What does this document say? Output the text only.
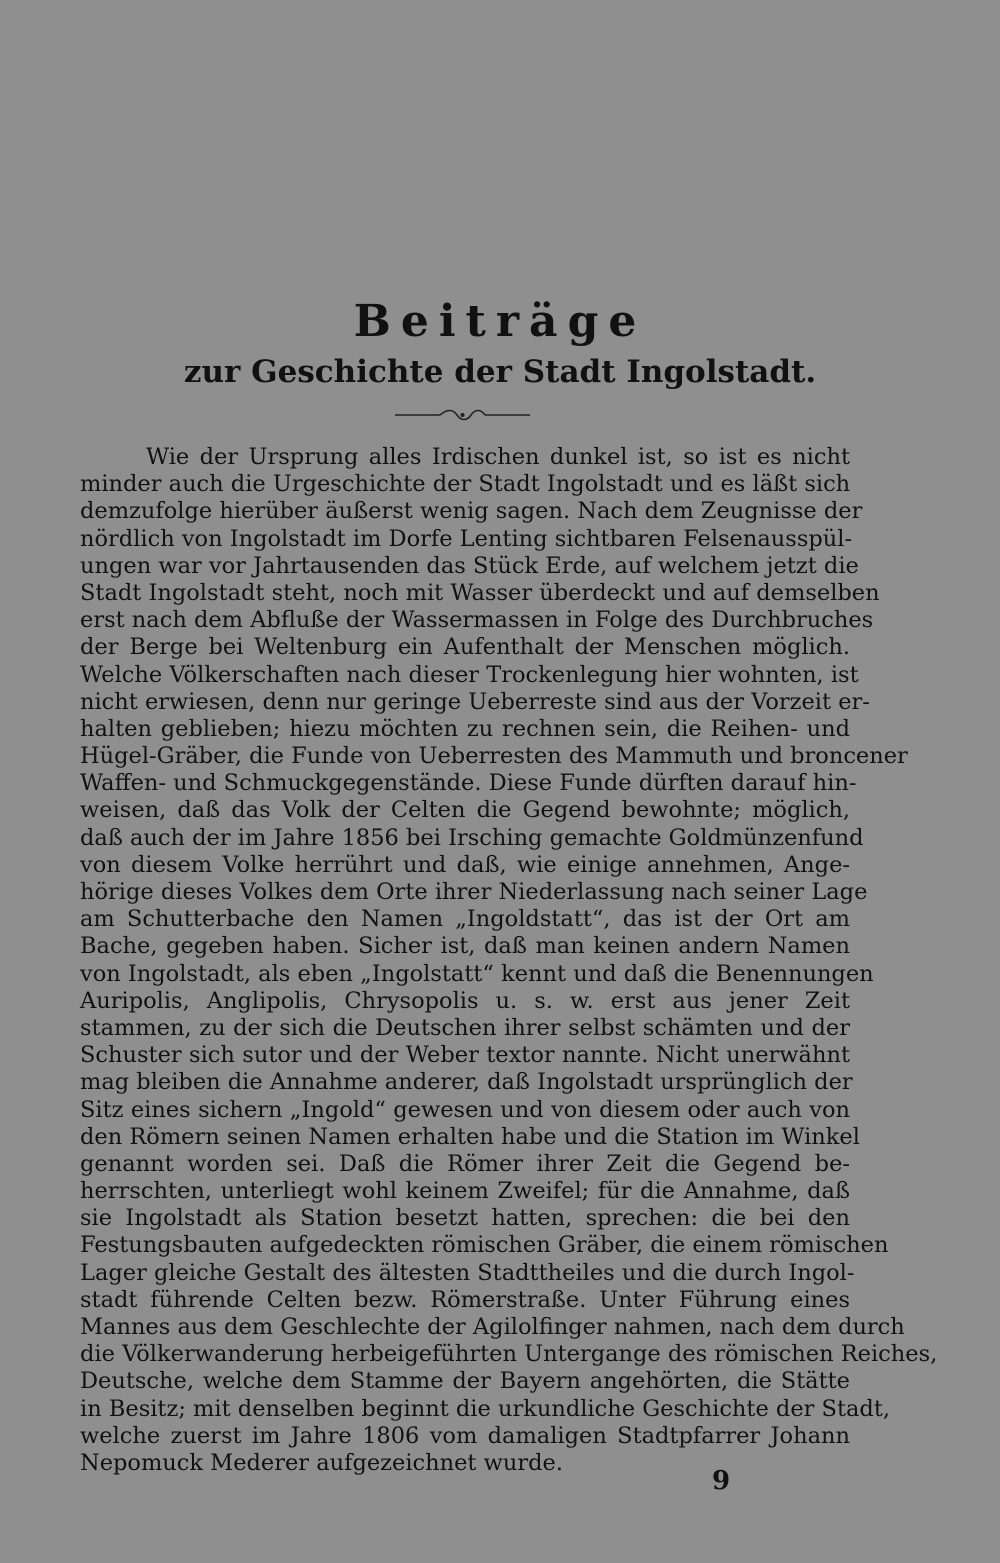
Beiträge
zur Geschichte der Stadt Ingolstadt.
Wie der Ursprung alles Irdischen dunkel ist, so ist es nicht
minder auch die Urgeschichte der Stadt Ingolstadt und es läßt sich
demzufolge hierüber äußerst wenig sagen. Nach dem Zeugnisse der
nördlich von Ingolstadt im Dorfe Lenting sichtbaren Felsenausspül-
ungen war vor Jahrtausenden das Stück Erde, auf welchem jetzt die
Stadt Ingolstadt steht, noch mit Wasser überdeckt und auf demselben
erst nach dem Abfluße der Wassermassen in Folge des Durchbruches
der Berge bei Weltenburg ein Aufenthalt der Menschen möglich.
Welche Völkerschaften nach dieser Trockenlegung hier wohnten, ist
nicht erwiesen, denn nur geringe Ueberreste sind aus der Vorzeit er-
halten geblieben; hiezu möchten zu rechnen sein, die Reihen- und
Hügel-Gräber, die Funde von Ueberresten des Mammuth und broncener
Waffen- und Schmuckgegenstände. Diese Funde dürften darauf hin-
weisen, daß das Volk der Celten die Gegend bewohnte; möglich,
daß auch der im Jahre 1856 bei Irsching gemachte Goldmünzenfund
von diesem Volke herrührt und daß, wie einige annehmen, Ange-
hörige dieses Volkes dem Orte ihrer Niederlassung nach seiner Lage
am Schutterbache den Namen „Ingoldstatt“, das ist der Ort am
Bache, gegeben haben. Sicher ist, daß man keinen andern Namen
von Ingolstadt, als eben „Ingolstatt“ kennt und daß die Benennungen
Auripolis, Anglipolis, Chrysopolis u. s. w. erst aus jener Zeit
stammen, zu der sich die Deutschen ihrer selbst schämten und der
Schuster sich sutor und der Weber textor nannte. Nicht unerwähnt
mag bleiben die Annahme anderer, daß Ingolstadt ursprünglich der
Sitz eines sichern „Ingold“ gewesen und von diesem oder auch von
den Römern seinen Namen erhalten habe und die Station im Winkel
genannt worden sei. Daß die Römer ihrer Zeit die Gegend be-
herrschten, unterliegt wohl keinem Zweifel; für die Annahme, daß
sie Ingolstadt als Station besetzt hatten, sprechen: die bei den
Festungsbauten aufgedeckten römischen Gräber, die einem römischen
Lager gleiche Gestalt des ältesten Stadttheiles und die durch Ingol-
stadt führende Celten bezw. Römerstraße. Unter Führung eines
Mannes aus dem Geschlechte der Agilolfinger nahmen, nach dem durch
die Völkerwanderung herbeigeführten Untergange des römischen Reiches,
Deutsche, welche dem Stamme der Bayern angehörten, die Stätte
in Besitz; mit denselben beginnt die urkundliche Geschichte der Stadt,
welche zuerst im Jahre 1806 vom damaligen Stadtpfarrer Johann
Nepomuck Mederer aufgezeichnet wurde.
9
